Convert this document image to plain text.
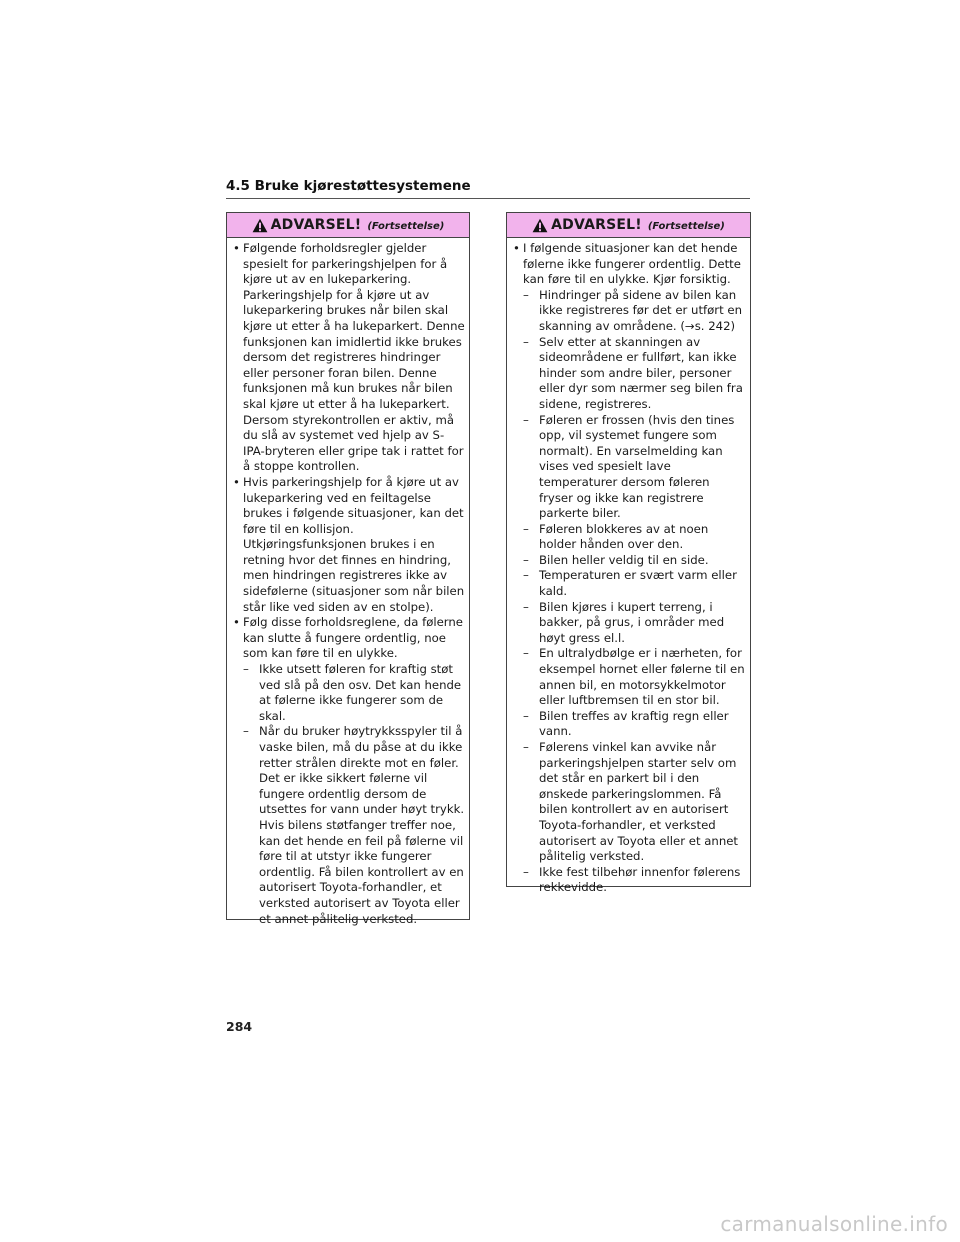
4.5 Bruke kjørestøttesystemene
ADVARSEL! (Fortsettelse)
• Følgende forholdsregler gjelder spesielt for parkeringshjelpen for å kjøre ut av en lukeparkering. Parkeringshjelp for å kjøre ut av lukeparkering brukes når bilen skal kjøre ut etter å ha lukeparkert. Denne funksjonen kan imidlertid ikke brukes dersom det registreres hindringer eller personer foran bilen. Denne funksjonen må kun brukes når bilen skal kjøre ut etter å ha lukeparkert. Dersom styrekontrollen er aktiv, må du slå av systemet ved hjelp av S-IPA-bryteren eller gripe tak i rattet for å stoppe kontrollen.
• Hvis parkeringshjelp for å kjøre ut av lukeparkering ved en feiltagelse brukes i følgende situasjoner, kan det føre til en kollisjon. Utkjøringsfunksjonen brukes i en retning hvor det finnes en hindring, men hindringen registreres ikke av sidefølerne (situasjoner som når bilen står like ved siden av en stolpe).
• Følg disse forholdsreglene, da følerne kan slutte å fungere ordentlig, noe som kan føre til en ulykke.
– Ikke utsett føleren for kraftig støt ved slå på den osv. Det kan hende at følerne ikke fungerer som de skal.
– Når du bruker høytrykksspyler til å vaske bilen, må du påse at du ikke retter strålen direkte mot en føler. Det er ikke sikkert følerne vil fungere ordentlig dersom de utsettes for vann under høyt trykk. Hvis bilens støtfanger treffer noe, kan det hende en feil på følerne vil føre til at utstyr ikke fungerer ordentlig. Få bilen kontrollert av en autorisert Toyota-forhandler, et verksted autorisert av Toyota eller et annet pålitelig verksted.
ADVARSEL! (Fortsettelse)
• I følgende situasjoner kan det hende følerne ikke fungerer ordentlig. Dette kan føre til en ulykke. Kjør forsiktig.
– Hindringer på sidene av bilen kan ikke registreres før det er utført en skanning av områdene. (→s. 242)
– Selv etter at skanningen av sideområdene er fullført, kan ikke hinder som andre biler, personer eller dyr som nærmer seg bilen fra sidene, registreres.
– Føleren er frossen (hvis den tines opp, vil systemet fungere som normalt). En varselmelding kan vises ved spesielt lave temperaturer dersom føleren fryser og ikke kan registrere parkerte biler.
– Føleren blokkeres av at noen holder hånden over den.
– Bilen heller veldig til en side.
– Temperaturen er svært varm eller kald.
– Bilen kjøres i kupert terreng, i bakker, på grus, i områder med høyt gress el.l.
– En ultralydbølge er i nærheten, for eksempel hornet eller følerne til en annen bil, en motorsykkelmotor eller luftbremsen til en stor bil.
– Bilen treffes av kraftig regn eller vann.
– Følerens vinkel kan avvike når parkeringshjelpen starter selv om det står en parkert bil i den ønskede parkeringslommen. Få bilen kontrollert av en autorisert Toyota-forhandler, et verksted autorisert av Toyota eller et annet pålitelig verksted.
– Ikke fest tilbehør innenfor følerens rekkevidde.
284
carmanualsonline.info
